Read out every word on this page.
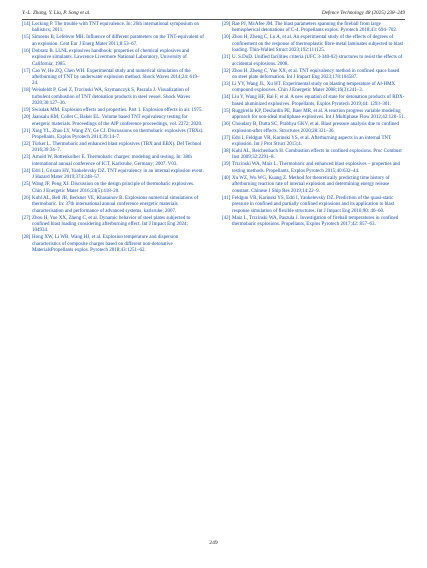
Y.-L. Zhang, Y. Liu, P. Song et al.	Defence Technology 48 (2025) 238–249
[14] Locking P. The trouble with TNT equivalence. In: 26th international symposium on ballistics; 2011.
[15] Simoens B, Lefebvre MH. Influence of different parameters on the TNT-equivalent of an explosion. Cent Eur J Energ Mater 2011;8:53–67.
[16] Dobratz B. LLNL explosives handbook: properties of chemical explosives and explosive simulants. Lawrence Livermore National Laboratory, University of California; 1985.
[17] Cao W, He ZQ, Chen WH. Experimental study and numerical simulation of the afterburning of TNT by underwater explosion method. Shock Waves 2014;24: 619–24.
[18] Weisdeldt P, Goel Z, Trzcinski WA, Szymanczyk S, Paszula J. Visualization of turbulent combustion of TNT detonation products in steel vessel. Shock Waves 2020;30:127–36.
[19] Swisdak MM. Explosion effects and properties. Part 1. Explosion effects in air. 1975.
[20] Jaansalu KM, Collet C, Baker EL. Volume based TNT equivalency testing for energetic materials. Proceedings of the AIP conference proceedings, vol. 2272; 2020.
[21] Xing YL, Zhao LY, Wang ZY, Ge CJ. Discussions on thermobaric explosives (TBXs). Propellants, Explos Pyrotech 2014;39:14–7.
[22] Türker L. Thermobaric and enhanced blast explosives (TBX and EBX). Def Technol 2016;39:34–7.
[23] Arnold W, Rottenkolber E. Thermobaric charges: modeling and testing. In: 38th international annual conference of ICT, Karlsruhe, Germany; 2007. V03.
[24] Edri I, Grisaro HY, Yankelevsky DZ. TNT equivalency in an internal explosion event. J Hazard Mater 2019;374:248–57.
[25] Wang JF, Peng XJ. Discussion on the design principle of thermobaric explosives. Chin J Energetic Mater 2016;24(5):418–20.
[26] Kuhl AL, Bell JB, Beckner VE, Khasainov B. Explosions numerical simulations of thermobaric. In: 37th international annual conference energetic materials characterisation and performance of advanced systems, karlsruhe; 2007.
[27] Zhou H, Yue XX, Zheng C, et al. Dynamic behavior of steel plates subjected to confined blast loading considering afterburning effect. Int J Impact Eng 2024; 104934.
[28] Hong XW, Li WB, Wang HJ, et al. Explosion temperature and dispersion characteristics of composite charges based on different non-detonative MaterialsPropellants explos. Pyrotech 2018;43:1251–62.
[29] Rae PJ, McAfee JM. The blast parameters spanning the fireball from large hemispherical detonations of C-4. Propellants explos. Pyrotech 2018;43: 694–702.
[30] Zhou H, Zheng C, Lu A, et al. An experimental study of the effects of degrees of confinement on the response of thermoplastic fibre-metal laminates subjected to blast loading. Thin-Walled Struct 2023;192:111125.
[31] U. S.DoD. Unified facilities criteria (UFC 3-340-02) structures to resist the effects of accidental explosions. 2008.
[32] Zhou H, Zheng C, Yue XX, et al. TNT equivalency method in confined space based on steel plate deformation. Int J Impact Eng 2023;178:104587.
[33] Li YY, Wang JL, Xu HT. Experimental study on blasting temperature of Al-HMX compound explosives. Chin J Energetic Mater 2008;16(3):241–3.
[34] Liu Y, Wang HF, Bai F, et al. A new equation of state for detonation products of RDX-based aluminized explosives. Propellants, Explos Pyrotech 2019;44: 1293–301.
[35] Ruggirello KP, DesJardin PE, Baer MR, et al. A reaction progress variable modeling approach for non-ideal multiphase explosives. Int J Multiphase Flow 2012;42:128–51.
[36] Choudary B, Dutta SC, Prabhya GKV, et al. Blast pressure analysis due to confined explosion-after effects. Structures 2020;28:321–36.
[37] Edri I, Feldgun VR, Karinski YS, et al. Afterburning aspects in an internal TNT explosion. Int J Prot Struct 2013;4.
[38] Kuhl AL, Reichenbach H. Combustion effects in confined explosions. Proc Combust Inst 2009;32:2291–8.
[39] Trzcinski WA, Maiz L. Thermobaric and enhanced blast explosives – properties and testing methods. Propellants, Explos Pyrotech 2015;40:632–44.
[40] Xu WZ, Wu WG, Kuang Z. Method for theoretically predicting time history of afterburning reaction rate of internal explosion and determining energy release constant. Chinese J Ship Res 2019;14:22–9.
[41] Feldgun VR, Karinski YS, Edri I, Yankelevsky DZ. Prediction of the quasi-static pressure in confined and partially confined explosions and its application to blast response simulation of flexible structures. Int J Impact Eng 2016;90: 46–60.
[42] Maiz L, Trzcinski WA, Paszula J. Investigation of fireball temperatures in confined thermobaric explosions. Propellants, Explos Pyrotech 2017;42: 857–63.
249
